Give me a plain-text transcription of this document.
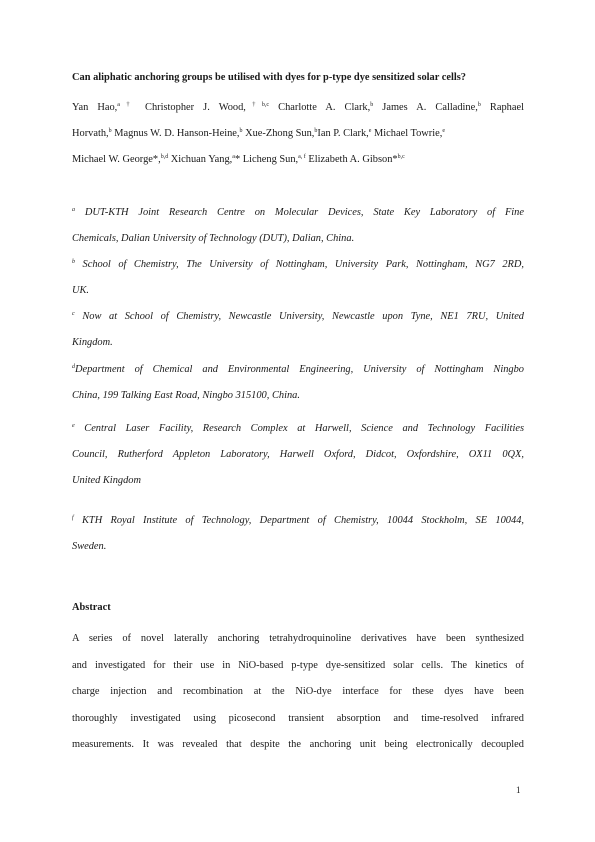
Can aliphatic anchoring groups be utilised with dyes for p-type dye sensitized solar cells?
Yan Hao,$^{a\dagger}$ Christopher J. Wood,$^{\dagger b,c}$ Charlotte A. Clark,$^b$ James A. Calladine,$^b$ Raphael
Horvath,$^b$ Magnus W. D. Hanson-Heine,$^b$ Xue-Zhong Sun,$^b$Ian P. Clark,$^e$ Michael Towrie,$^e$
Michael W. George*,$^{b,d}$ Xichuan Yang,$^a$* Licheng Sun,$^{a, f}$ Elizabeth A. Gibson*$^{b,c}$
$^a$ DUT-KTH Joint Research Centre on Molecular Devices, State Key Laboratory of Fine
Chemicals, Dalian University of Technology (DUT), Dalian, China.
$^b$ School of Chemistry, The University of Nottingham, University Park, Nottingham, NG7 2RD,
UK.
$^c$ Now at School of Chemistry, Newcastle University, Newcastle upon Tyne, NE1 7RU, United
Kingdom.
$^d$Department of Chemical and Environmental Engineering, University of Nottingham Ningbo
China, 199 Talking East Road, Ningbo 315100, China.
$^e$ Central Laser Facility, Research Complex at Harwell, Science and Technology Facilities
Council, Rutherford Appleton Laboratory, Harwell Oxford, Didcot, Oxfordshire, OX11 0QX,
United Kingdom
$^f$ KTH Royal Institute of Technology, Department of Chemistry, 10044 Stockholm, SE 10044,
Sweden.
Abstract
A series of novel laterally anchoring tetrahydroquinoline derivatives have been synthesized
and investigated for their use in NiO-based p-type dye-sensitized solar cells. The kinetics of
charge injection and recombination at the NiO-dye interface for these dyes have been
thoroughly investigated using picosecond transient absorption and time-resolved infrared
measurements. It was revealed that despite the anchoring unit being electronically decoupled
1
